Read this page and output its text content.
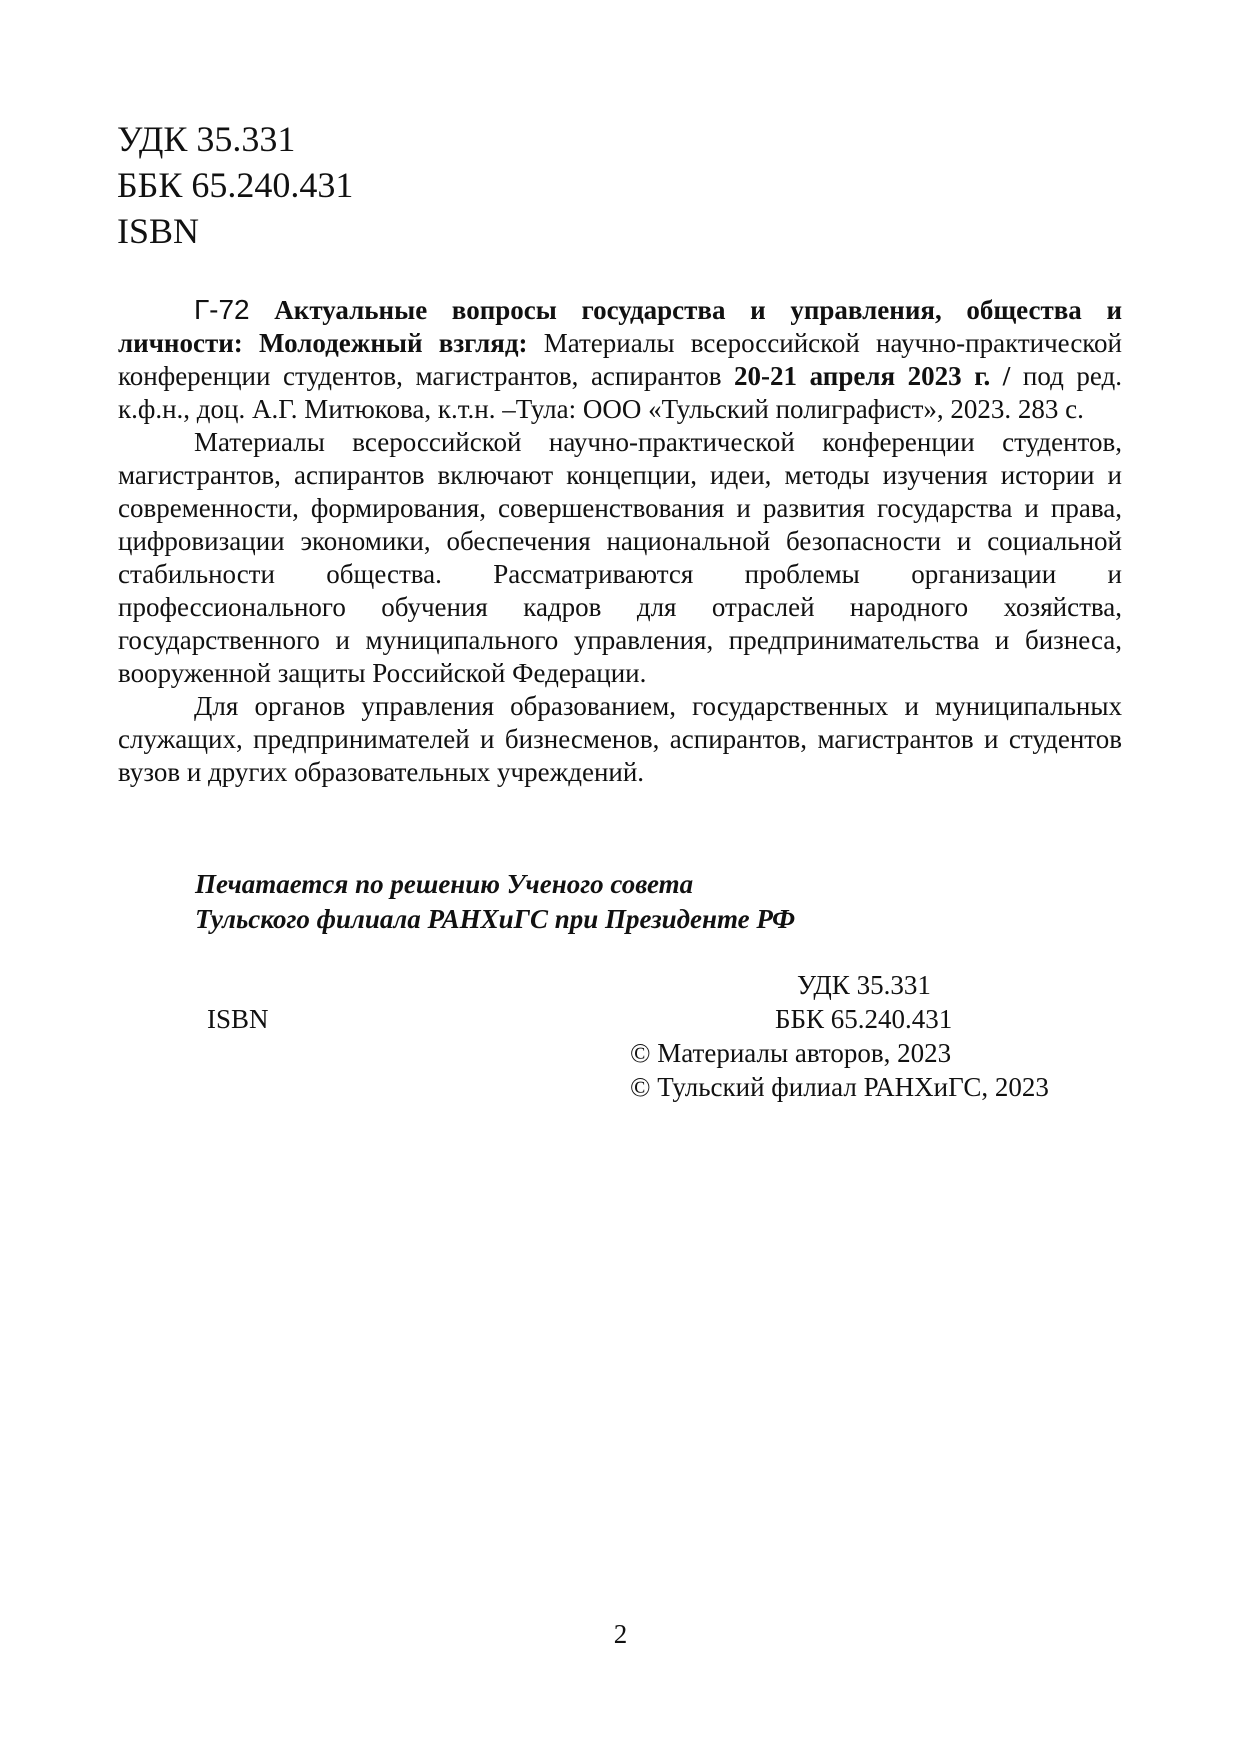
УДК 35.331
ББК 65.240.431
ISBN

Г-72 Актуальные вопросы государства и управления, общества и личности: Молодежный взгляд: Материалы всероссийской научно-практической конференции студентов, магистрантов, аспирантов 20-21 апреля 2023 г. / под ред. к.ф.н., доц. А.Г. Митюкова, к.т.н. –Тула: ООО «Тульский полиграфист», 2023. 283 с.

Материалы всероссийской научно-практической конференции студентов, магистрантов, аспирантов включают концепции, идеи, методы изучения истории и современности, формирования, совершенствования и развития государства и права, цифровизации экономики, обеспечения национальной безопасности и социальной стабильности общества. Рассматриваются проблемы организации и профессионального обучения кадров для отраслей народного хозяйства, государственного и муниципального управления, предпринимательства и бизнеса, вооруженной защиты Российской Федерации.

Для органов управления образованием, государственных и муниципальных служащих, предпринимателей и бизнесменов, аспирантов, магистрантов и студентов вузов и других образовательных учреждений.

Печатается по решению Ученого совета
Тульского филиала РАНХиГС при Президенте РФ
ISBN
УДК 35.331
ББК 65.240.431
© Материалы авторов, 2023
© Тульский филиал РАНХиГС, 2023
2
